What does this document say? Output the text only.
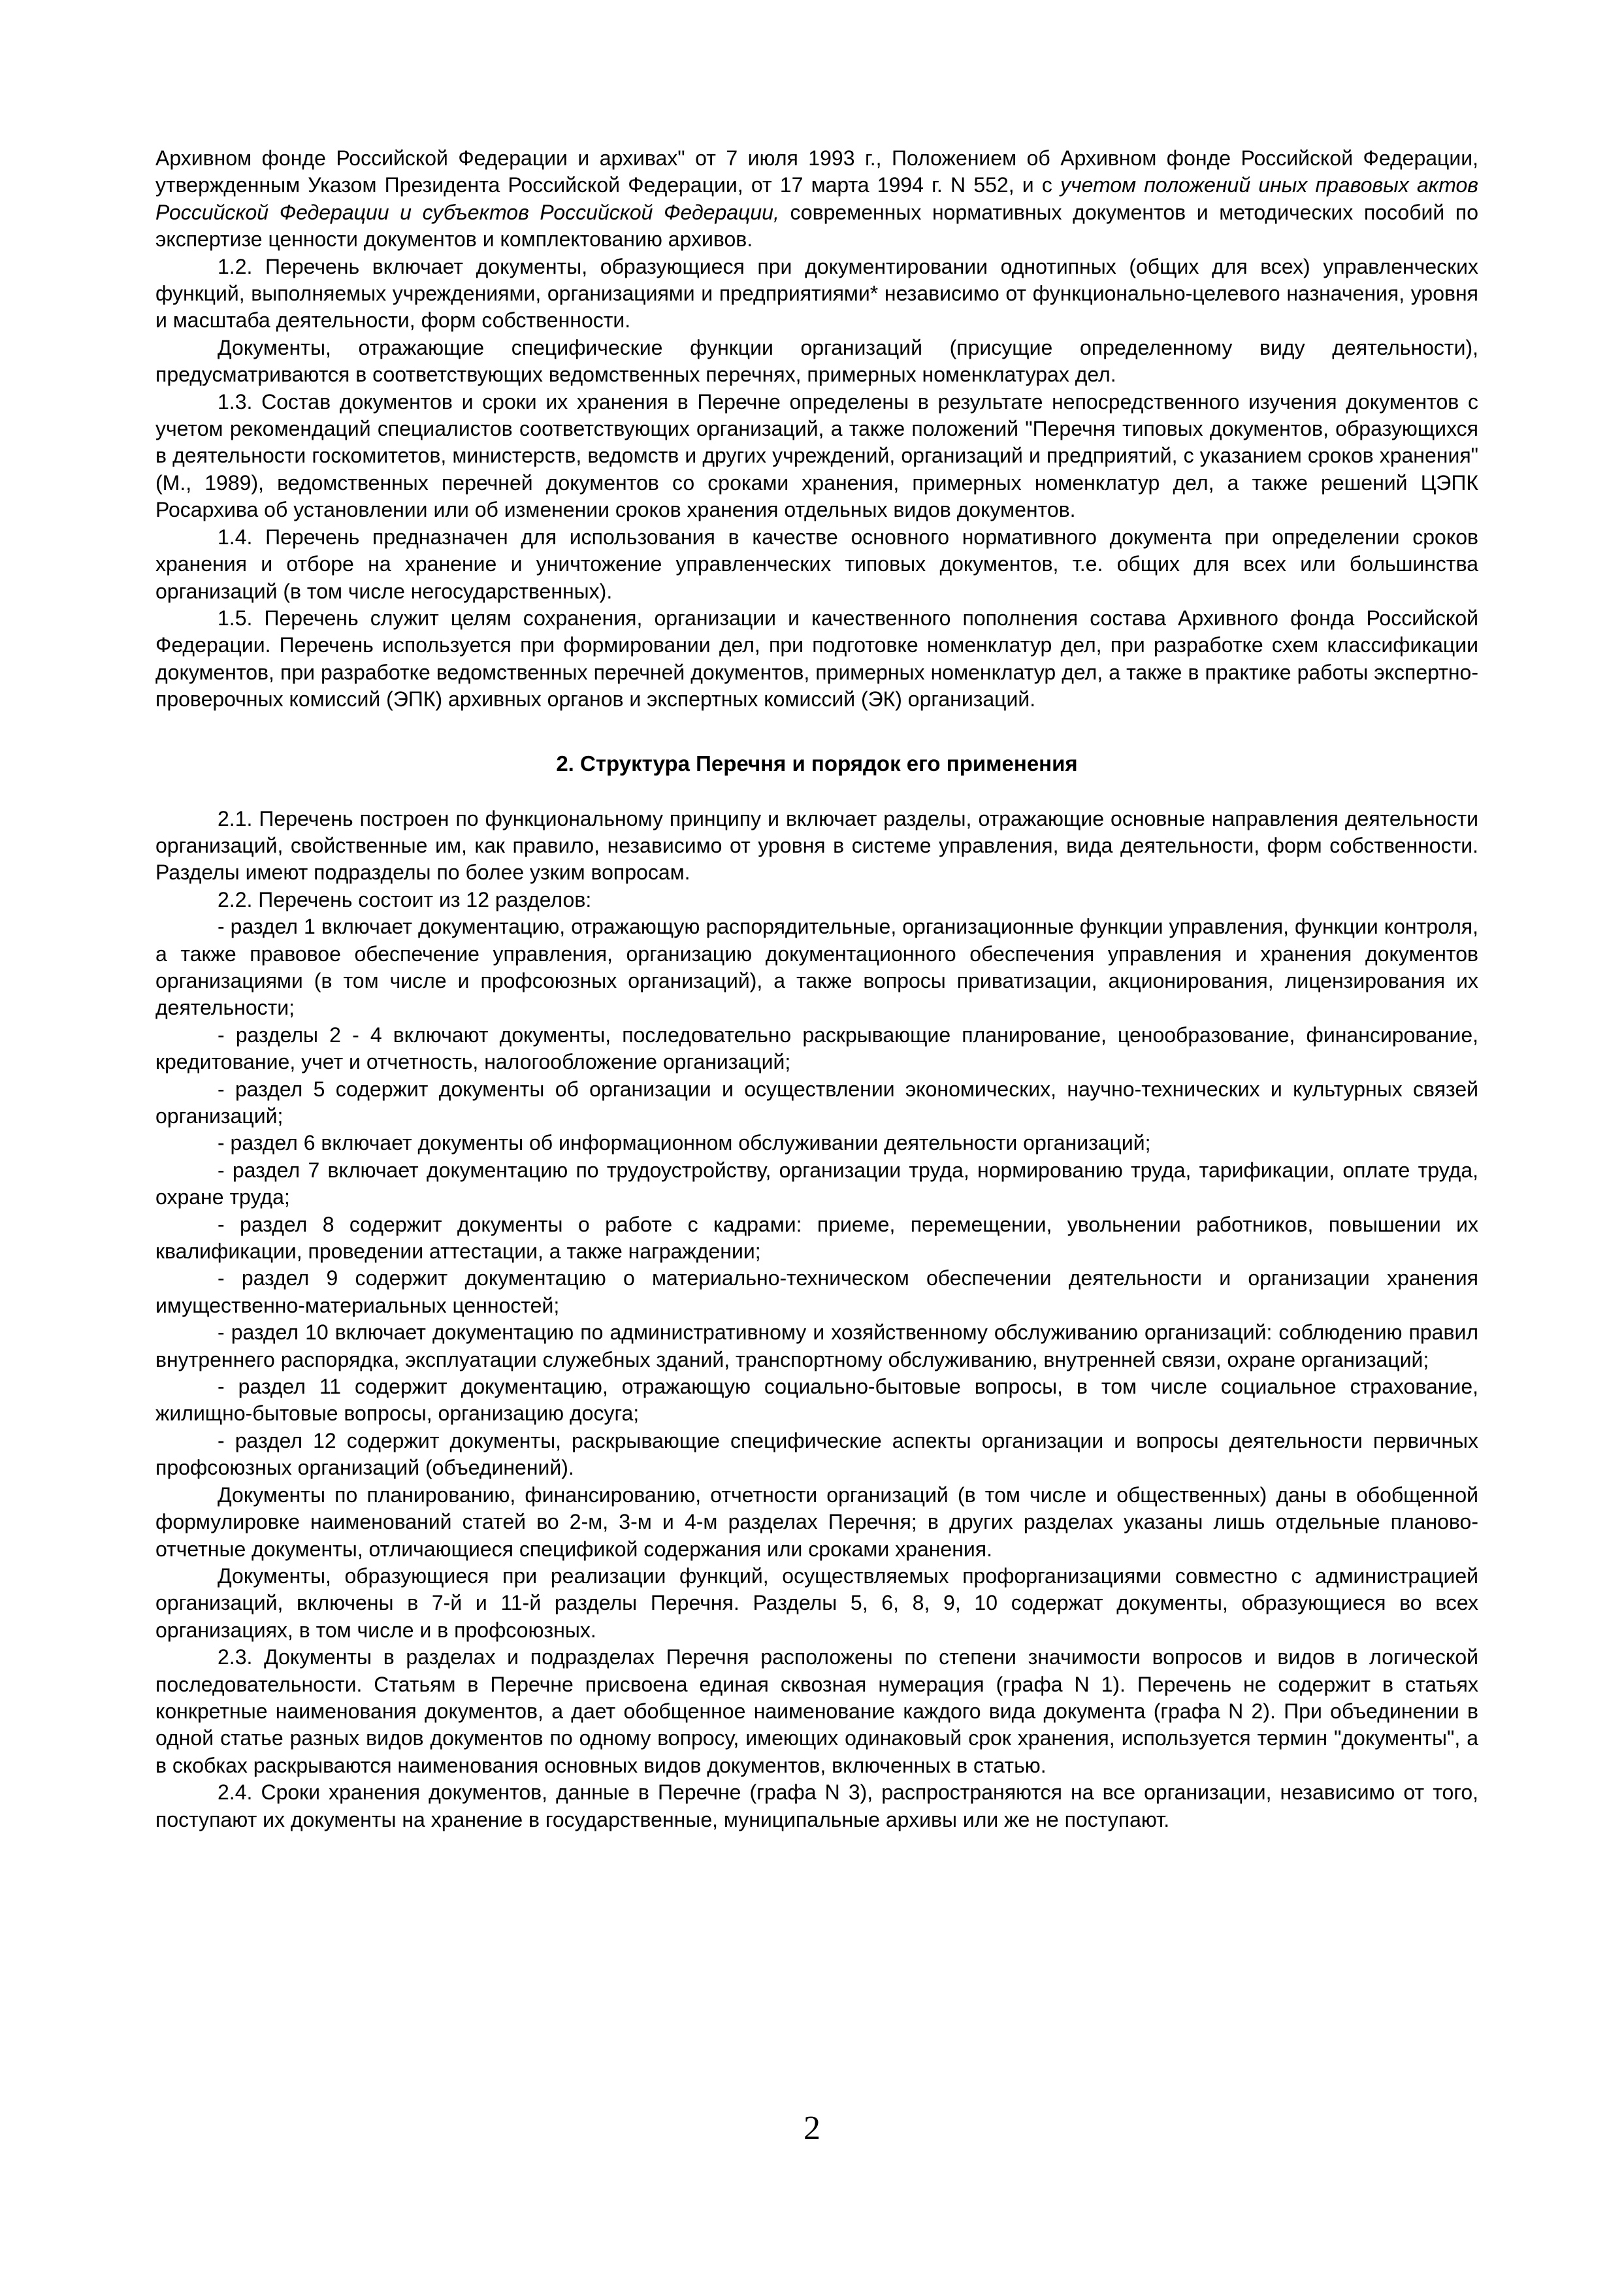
Архивном фонде Российской Федерации и архивах" от 7 июля 1993 г., Положением об Архивном фонде Российской Федерации, утвержденным Указом Президента Российской Федерации, от 17 марта 1994 г. N 552, и с учетом положений иных правовых актов Российской Федерации и субъектов Российской Федерации, современных нормативных документов и методических пособий по экспертизе ценности документов и комплектованию архивов.

1.2. Перечень включает документы, образующиеся при документировании однотипных (общих для всех) управленческих функций, выполняемых учреждениями, организациями и предприятиями* независимо от функционально-целевого назначения, уровня и масштаба деятельности, форм собственности.

Документы, отражающие специфические функции организаций (присущие определенному виду деятельности), предусматриваются в соответствующих ведомственных перечнях, примерных номенклатурах дел.

1.3. Состав документов и сроки их хранения в Перечне определены в результате непосредственного изучения документов с учетом рекомендаций специалистов соответствующих организаций, а также положений "Перечня типовых документов, образующихся в деятельности госкомитетов, министерств, ведомств и других учреждений, организаций и предприятий, с указанием сроков хранения" (М., 1989), ведомственных перечней документов со сроками хранения, примерных номенклатур дел, а также решений ЦЭПК Росархива об установлении или об изменении сроков хранения отдельных видов документов.

1.4. Перечень предназначен для использования в качестве основного нормативного документа при определении сроков хранения и отборе на хранение и уничтожение управленческих типовых документов, т.е. общих для всех или большинства организаций (в том числе негосударственных).

1.5. Перечень служит целям сохранения, организации и качественного пополнения состава Архивного фонда Российской Федерации. Перечень используется при формировании дел, при подготовке номенклатур дел, при разработке схем классификации документов, при разработке ведомственных перечней документов, примерных номенклатур дел, а также в практике работы экспертно-проверочных комиссий (ЭПК) архивных органов и экспертных комиссий (ЭК) организаций.

2. Структура Перечня и порядок его применения

2.1. Перечень построен по функциональному принципу и включает разделы, отражающие основные направления деятельности организаций, свойственные им, как правило, независимо от уровня в системе управления, вида деятельности, форм собственности. Разделы имеют подразделы по более узким вопросам.

2.2. Перечень состоит из 12 разделов:

- раздел 1 включает документацию, отражающую распорядительные, организационные функции управления, функции контроля, а также правовое обеспечение управления, организацию документационного обеспечения управления и хранения документов организациями (в том числе и профсоюзных организаций), а также вопросы приватизации, акционирования, лицензирования их деятельности;

- разделы 2 - 4 включают документы, последовательно раскрывающие планирование, ценообразование, финансирование, кредитование, учет и отчетность, налогообложение организаций;

- раздел 5 содержит документы об организации и осуществлении экономических, научно-технических и культурных связей организаций;

- раздел 6 включает документы об информационном обслуживании деятельности организаций;

- раздел 7 включает документацию по трудоустройству, организации труда, нормированию труда, тарификации, оплате труда, охране труда;

- раздел 8 содержит документы о работе с кадрами: приеме, перемещении, увольнении работников, повышении их квалификации, проведении аттестации, а также награждении;

- раздел 9 содержит документацию о материально-техническом обеспечении деятельности и организации хранения имущественно-материальных ценностей;

- раздел 10 включает документацию по административному и хозяйственному обслуживанию организаций: соблюдению правил внутреннего распорядка, эксплуатации служебных зданий, транспортному обслуживанию, внутренней связи, охране организаций;

- раздел 11 содержит документацию, отражающую социально-бытовые вопросы, в том числе социальное страхование, жилищно-бытовые вопросы, организацию досуга;

- раздел 12 содержит документы, раскрывающие специфические аспекты организации и вопросы деятельности первичных профсоюзных организаций (объединений).

Документы по планированию, финансированию, отчетности организаций (в том числе и общественных) даны в обобщенной формулировке наименований статей во 2-м, 3-м и 4-м разделах Перечня; в других разделах указаны лишь отдельные планово-отчетные документы, отличающиеся спецификой содержания или сроками хранения.

Документы, образующиеся при реализации функций, осуществляемых профорганизациями совместно с администрацией организаций, включены в 7-й и 11-й разделы Перечня. Разделы 5, 6, 8, 9, 10 содержат документы, образующиеся во всех организациях, в том числе и в профсоюзных.

2.3. Документы в разделах и подразделах Перечня расположены по степени значимости вопросов и видов в логической последовательности. Статьям в Перечне присвоена единая сквозная нумерация (графа N 1). Перечень не содержит в статьях конкретные наименования документов, а дает обобщенное наименование каждого вида документа (графа N 2). При объединении в одной статье разных видов документов по одному вопросу, имеющих одинаковый срок хранения, используется термин "документы", а в скобках раскрываются наименования основных видов документов, включенных в статью.

2.4. Сроки хранения документов, данные в Перечне (графа N 3), распространяются на все организации, независимо от того, поступают их документы на хранение в государственные, муниципальные архивы или же не поступают.

2
